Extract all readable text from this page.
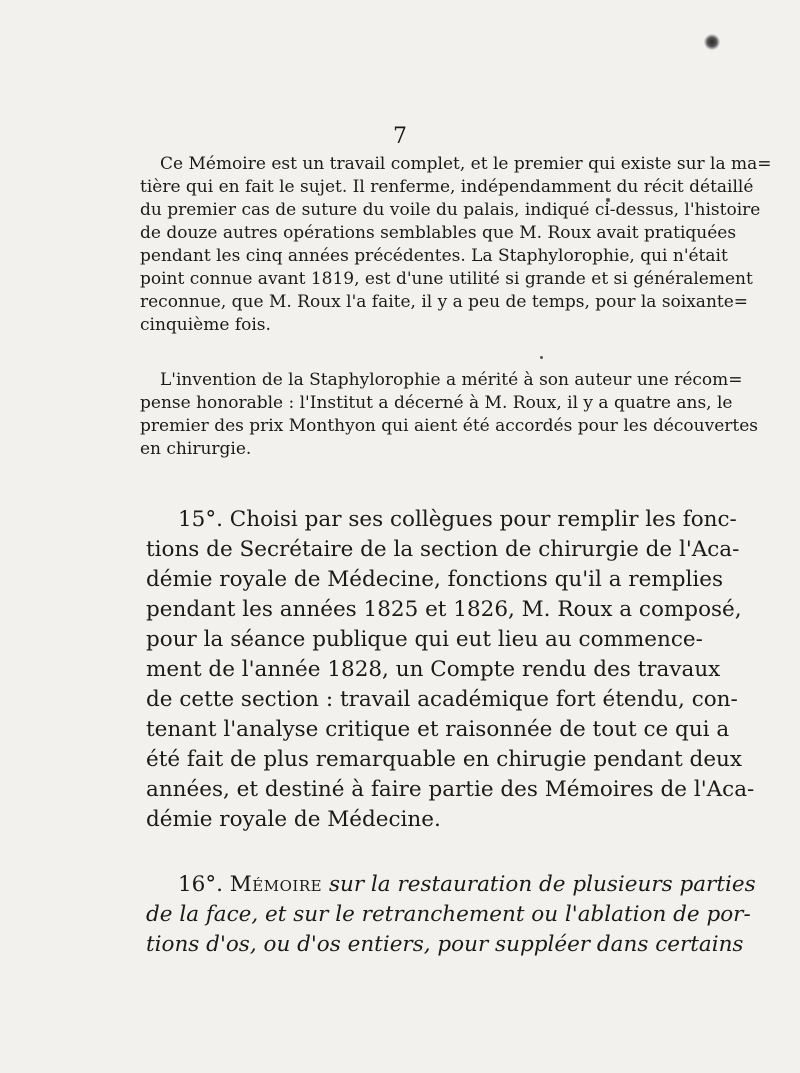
7
Ce Mémoire est un travail complet, et le premier qui existe sur la ma=
tière qui en fait le sujet. Il renferme, indépendamment du récit détaillé
du premier cas de suture du voile du palais, indiqué ci-dessus, l'histoire
de douze autres opérations semblables que M. Roux avait pratiquées
pendant les cinq années précédentes. La Staphylorophie, qui n'était
point connue avant 1819, est d'une utilité si grande et si généralement
reconnue, que M. Roux l'a faite, il y a peu de temps, pour la soixante=
cinquième fois.
L'invention de la Staphylorophie a mérité à son auteur une récom=
pense honorable : l'Institut a décerné à M. Roux, il y a quatre ans, le
premier des prix Monthyon qui aient été accordés pour les découvertes
en chirurgie.
15°. Choisi par ses collègues pour remplir les fonc-
tions de Secrétaire de la section de chirurgie de l'Aca-
démie royale de Médecine, fonctions qu'il a remplies
pendant les années 1825 et 1826, M. Roux a composé,
pour la séance publique qui eut lieu au commence-
ment de l'année 1828, un Compte rendu des travaux
de cette section : travail académique fort étendu, con-
tenant l'analyse critique et raisonnée de tout ce qui a
été fait de plus remarquable en chirugie pendant deux
années, et destiné à faire partie des Mémoires de l'Aca-
démie royale de Médecine.
16°. Mémoire sur la restauration de plusieurs parties
de la face, et sur le retranchement ou l'ablation de por-
tions d'os, ou d'os entiers, pour suppléer dans certains
